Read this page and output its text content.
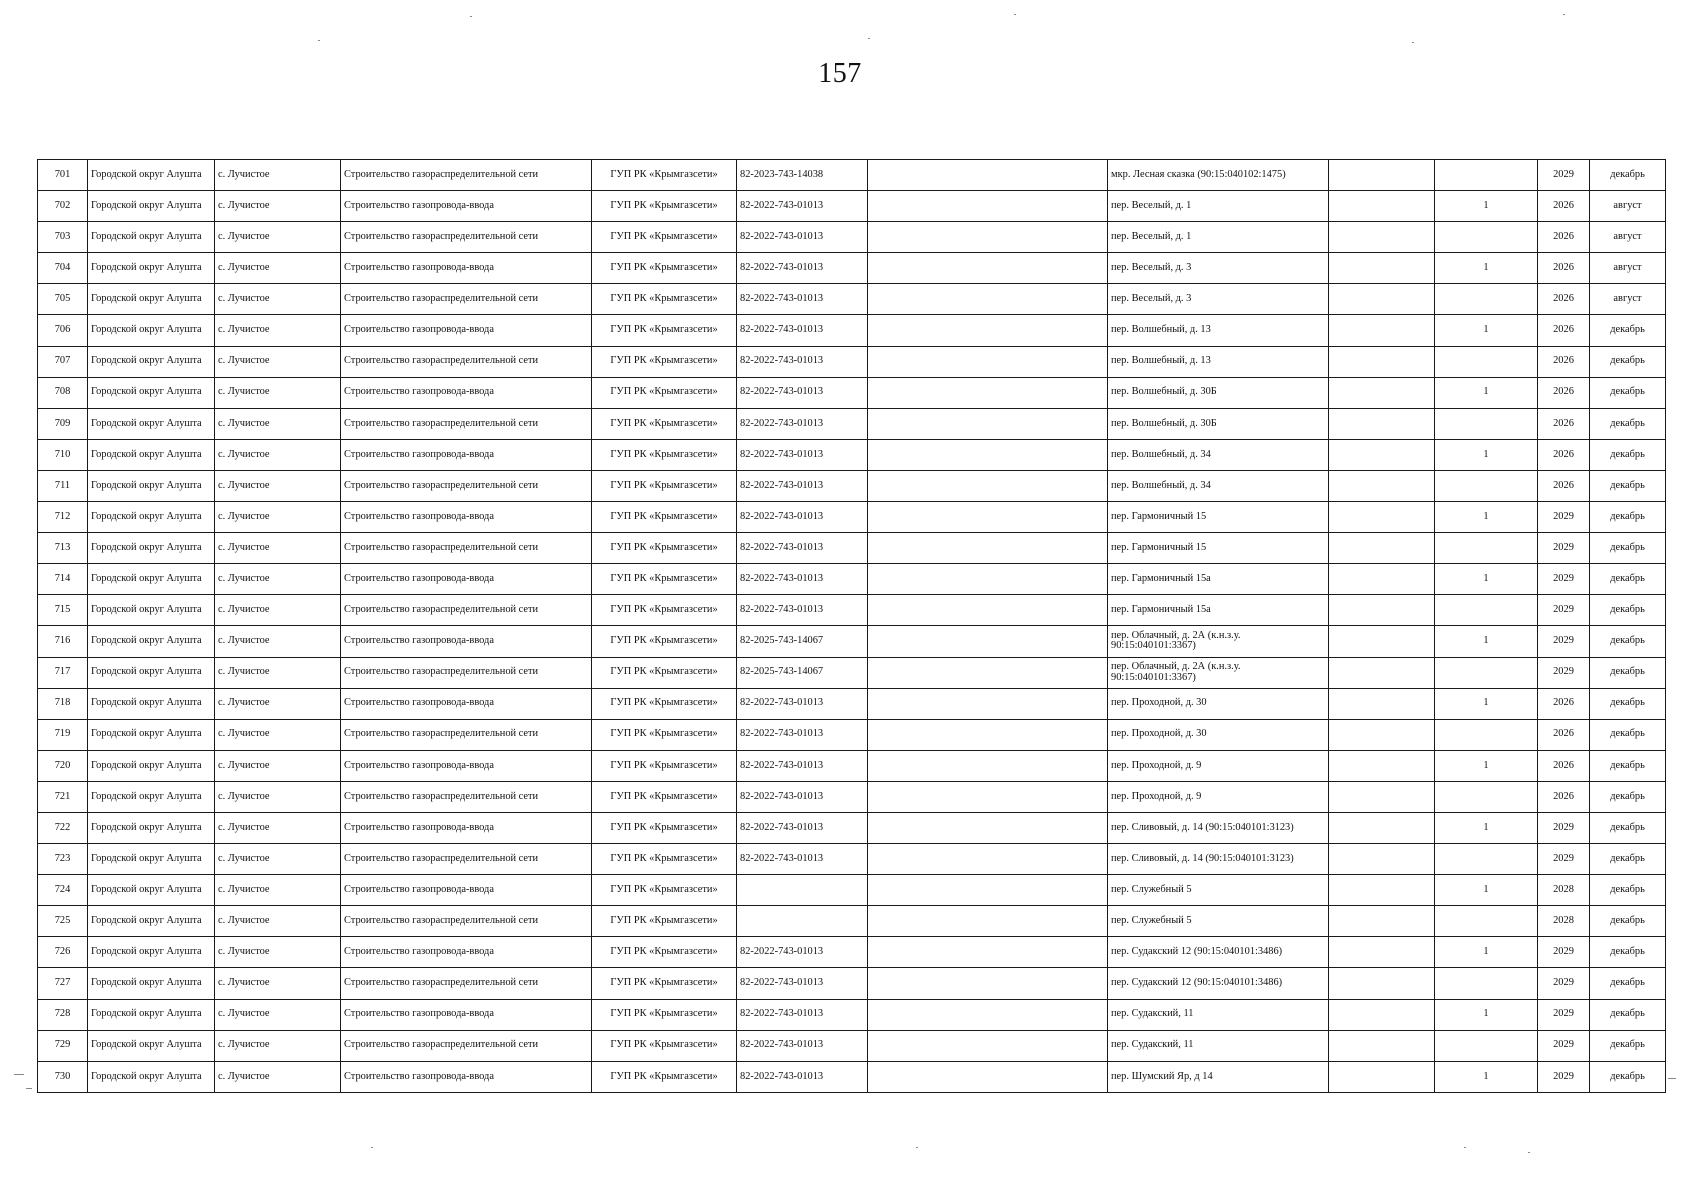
157
701	Городской округ Алушта	с. Лучистое	Строительство газораспределительной сети	ГУП РК «Крымгазсети»	82-2023-743-14038		мкр. Лесная сказка (90:15:040102:1475)			2029	декабрь
702	Городской округ Алушта	с. Лучистое	Строительство газопровода-ввода	ГУП РК «Крымгазсети»	82-2022-743-01013		пер. Веселый, д. 1		1	2026	август
703	Городской округ Алушта	с. Лучистое	Строительство газораспределительной сети	ГУП РК «Крымгазсети»	82-2022-743-01013		пер. Веселый, д. 1			2026	август
704	Городской округ Алушта	с. Лучистое	Строительство газопровода-ввода	ГУП РК «Крымгазсети»	82-2022-743-01013		пер. Веселый, д. 3		1	2026	август
705	Городской округ Алушта	с. Лучистое	Строительство газораспределительной сети	ГУП РК «Крымгазсети»	82-2022-743-01013		пер. Веселый, д. 3			2026	август
706	Городской округ Алушта	с. Лучистое	Строительство газопровода-ввода	ГУП РК «Крымгазсети»	82-2022-743-01013		пер. Волшебный, д. 13		1	2026	декабрь
707	Городской округ Алушта	с. Лучистое	Строительство газораспределительной сети	ГУП РК «Крымгазсети»	82-2022-743-01013		пер. Волшебный, д. 13			2026	декабрь
708	Городской округ Алушта	с. Лучистое	Строительство газопровода-ввода	ГУП РК «Крымгазсети»	82-2022-743-01013		пер. Волшебный, д. 30Б		1	2026	декабрь
709	Городской округ Алушта	с. Лучистое	Строительство газораспределительной сети	ГУП РК «Крымгазсети»	82-2022-743-01013		пер. Волшебный, д. 30Б			2026	декабрь
710	Городской округ Алушта	с. Лучистое	Строительство газопровода-ввода	ГУП РК «Крымгазсети»	82-2022-743-01013		пер. Волшебный, д. 34		1	2026	декабрь
711	Городской округ Алушта	с. Лучистое	Строительство газораспределительной сети	ГУП РК «Крымгазсети»	82-2022-743-01013		пер. Волшебный, д. 34			2026	декабрь
712	Городской округ Алушта	с. Лучистое	Строительство газопровода-ввода	ГУП РК «Крымгазсети»	82-2022-743-01013		пер. Гармоничный 15		1	2029	декабрь
713	Городской округ Алушта	с. Лучистое	Строительство газораспределительной сети	ГУП РК «Крымгазсети»	82-2022-743-01013		пер. Гармоничный 15			2029	декабрь
714	Городской округ Алушта	с. Лучистое	Строительство газопровода-ввода	ГУП РК «Крымгазсети»	82-2022-743-01013		пер. Гармоничный 15а		1	2029	декабрь
715	Городской округ Алушта	с. Лучистое	Строительство газораспределительной сети	ГУП РК «Крымгазсети»	82-2022-743-01013		пер. Гармоничный 15а			2029	декабрь
716	Городской округ Алушта	с. Лучистое	Строительство газопровода-ввода	ГУП РК «Крымгазсети»	82-2025-743-14067		пер. Облачный, д. 2А (к.н.з.у. 90:15:040101:3367)		1	2029	декабрь
717	Городской округ Алушта	с. Лучистое	Строительство газораспределительной сети	ГУП РК «Крымгазсети»	82-2025-743-14067		пер. Облачный, д. 2А (к.н.з.у. 90:15:040101:3367)			2029	декабрь
718	Городской округ Алушта	с. Лучистое	Строительство газопровода-ввода	ГУП РК «Крымгазсети»	82-2022-743-01013		пер. Проходной, д. 30		1	2026	декабрь
719	Городской округ Алушта	с. Лучистое	Строительство газораспределительной сети	ГУП РК «Крымгазсети»	82-2022-743-01013		пер. Проходной, д. 30			2026	декабрь
720	Городской округ Алушта	с. Лучистое	Строительство газопровода-ввода	ГУП РК «Крымгазсети»	82-2022-743-01013		пер. Проходной, д. 9		1	2026	декабрь
721	Городской округ Алушта	с. Лучистое	Строительство газораспределительной сети	ГУП РК «Крымгазсети»	82-2022-743-01013		пер. Проходной, д. 9			2026	декабрь
722	Городской округ Алушта	с. Лучистое	Строительство газопровода-ввода	ГУП РК «Крымгазсети»	82-2022-743-01013		пер. Сливовый, д. 14 (90:15:040101:3123)		1	2029	декабрь
723	Городской округ Алушта	с. Лучистое	Строительство газораспределительной сети	ГУП РК «Крымгазсети»	82-2022-743-01013		пер. Сливовый, д. 14 (90:15:040101:3123)			2029	декабрь
724	Городской округ Алушта	с. Лучистое	Строительство газопровода-ввода	ГУП РК «Крымгазсети»			пер. Служебный 5		1	2028	декабрь
725	Городской округ Алушта	с. Лучистое	Строительство газораспределительной сети	ГУП РК «Крымгазсети»			пер. Служебный 5			2028	декабрь
726	Городской округ Алушта	с. Лучистое	Строительство газопровода-ввода	ГУП РК «Крымгазсети»	82-2022-743-01013		пер. Судакский 12 (90:15:040101:3486)		1	2029	декабрь
727	Городской округ Алушта	с. Лучистое	Строительство газораспределительной сети	ГУП РК «Крымгазсети»	82-2022-743-01013		пер. Судакский 12 (90:15:040101:3486)			2029	декабрь
728	Городской округ Алушта	с. Лучистое	Строительство газопровода-ввода	ГУП РК «Крымгазсети»	82-2022-743-01013		пер. Судакский, 11		1	2029	декабрь
729	Городской округ Алушта	с. Лучистое	Строительство газораспределительной сети	ГУП РК «Крымгазсети»	82-2022-743-01013		пер. Судакский, 11			2029	декабрь
730	Городской округ Алушта	с. Лучистое	Строительство газопровода-ввода	ГУП РК «Крымгазсети»	82-2022-743-01013		пер. Шумский Яр, д 14		1	2029	декабрь
